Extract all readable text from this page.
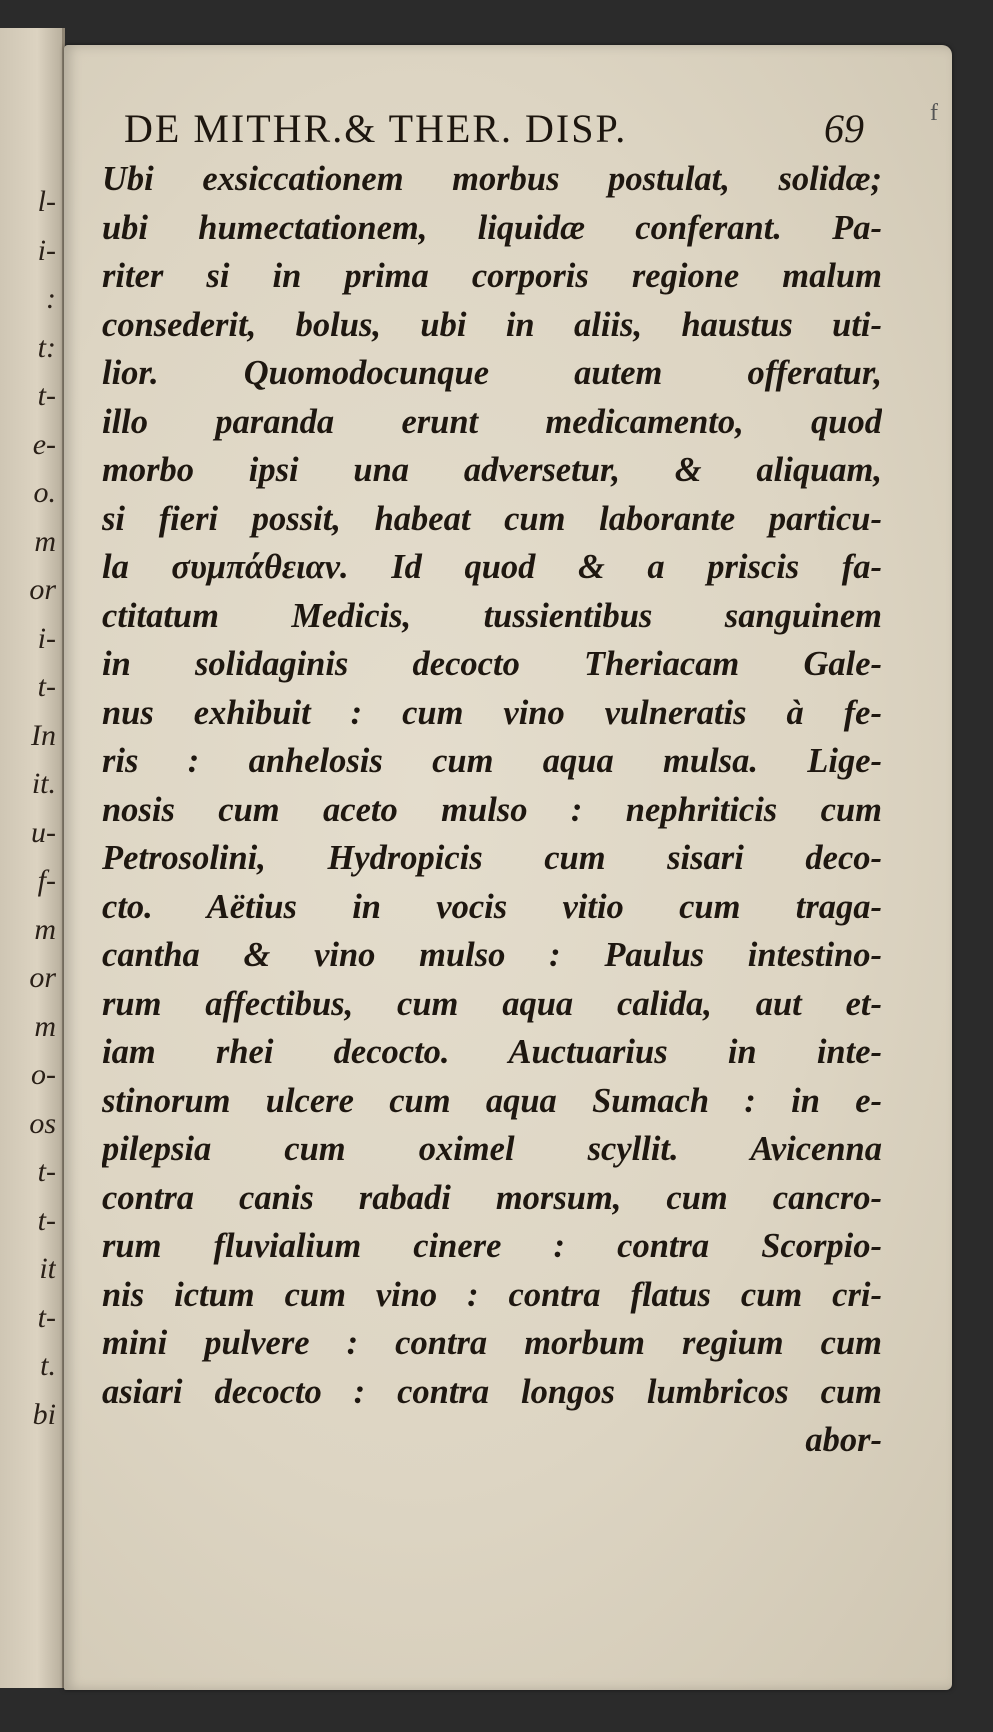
l-
i-
:
t:
t-
e-
o.
m
or
i-
t-
In
it.
u-
f-
m
or
m
o-
os
t-
t-
it
t-
t.
bi
f
DE MITHR.& THER. DISP.	69
Ubi exsiccationem morbus postulat, solidæ;
ubi humectationem, liquidæ conferant. Pa-
riter si in prima corporis regione malum
consederit, bolus, ubi in aliis, haustus uti-
lior. Quomodocunque autem offeratur,
illo paranda erunt medicamento, quod
morbo ipsi una adversetur, & aliquam,
si fieri possit, habeat cum laborante particu-
la συμπάθειαν. Id quod & a priscis fa-
ctitatum Medicis, tussientibus sanguinem
in solidaginis decocto Theriacam Gale-
nus exhibuit : cum vino vulneratis à fe-
ris : anhelosis cum aqua mulsa. Lige-
nosis cum aceto mulso : nephriticis cum
Petrosolini, Hydropicis cum sisari deco-
cto. Aëtius in vocis vitio cum traga-
cantha & vino mulso : Paulus intestino-
rum affectibus, cum aqua calida, aut et-
iam rhei decocto. Auctuarius in inte-
stinorum ulcere cum aqua Sumach : in e-
pilepsia cum oximel scyllit. Avicenna
contra canis rabadi morsum, cum cancro-
rum fluvialium cinere : contra Scorpio-
nis ictum cum vino : contra flatus cum cri-
mini pulvere : contra morbum regium cum
asiari decocto : contra longos lumbricos cum
abor-
